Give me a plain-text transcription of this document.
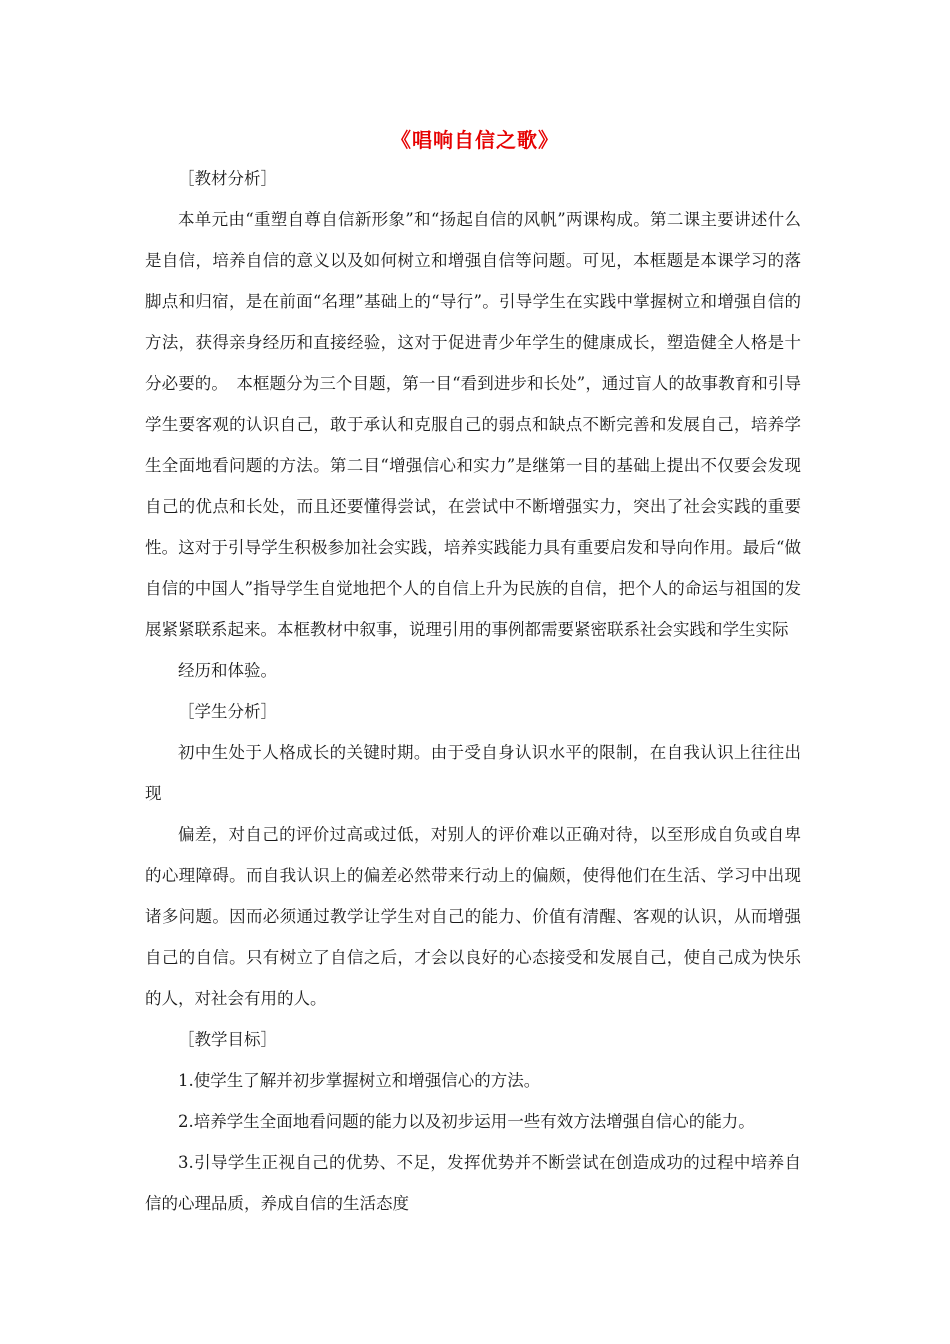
《唱响自信之歌》

［教材分析］

本单元由“重塑自尊自信新形象”和“扬起自信的风帆”两课构成。第二课主要讲述什么是自信，培养自信的意义以及如何树立和增强自信等问题。可见，本框题是本课学习的落脚点和归宿，是在前面“名理”基础上的“导行”。引导学生在实践中掌握树立和增强自信的方法，获得亲身经历和直接经验，这对于促进青少年学生的健康成长，塑造健全人格是十分必要的。　本框题分为三个目题，第一目“看到进步和长处”，通过盲人的故事教育和引导学生要客观的认识自己，敢于承认和克服自己的弱点和缺点不断完善和发展自己，培养学生全面地看问题的方法。第二目“增强信心和实力”是继第一目的基础上提出不仅要会发现自己的优点和长处，而且还要懂得尝试，在尝试中不断增强实力，突出了社会实践的重要性。这对于引导学生积极参加社会实践，培养实践能力具有重要启发和导向作用。最后“做自信的中国人”指导学生自觉地把个人的自信上升为民族的自信，把个人的命运与祖国的发展紧紧联系起来。本框教材中叙事，说理引用的事例都需要紧密联系社会实践和学生实际

经历和体验。

［学生分析］

初中生处于人格成长的关键时期。由于受自身认识水平的限制，在自我认识上往往出现

偏差，对自己的评价过高或过低，对别人的评价难以正确对待，以至形成自负或自卑的心理障碍。而自我认识上的偏差必然带来行动上的偏颇，使得他们在生活、学习中出现诸多问题。因而必须通过教学让学生对自己的能力、价值有清醒、客观的认识，从而增强自己的自信。只有树立了自信之后，才会以良好的心态接受和发展自己，使自己成为快乐的人，对社会有用的人。

［教学目标］

1.使学生了解并初步掌握树立和增强信心的方法。

2.培养学生全面地看问题的能力以及初步运用一些有效方法增强自信心的能力。

3.引导学生正视自己的优势、不足，发挥优势并不断尝试在创造成功的过程中培养自信的心理品质，养成自信的生活态度
